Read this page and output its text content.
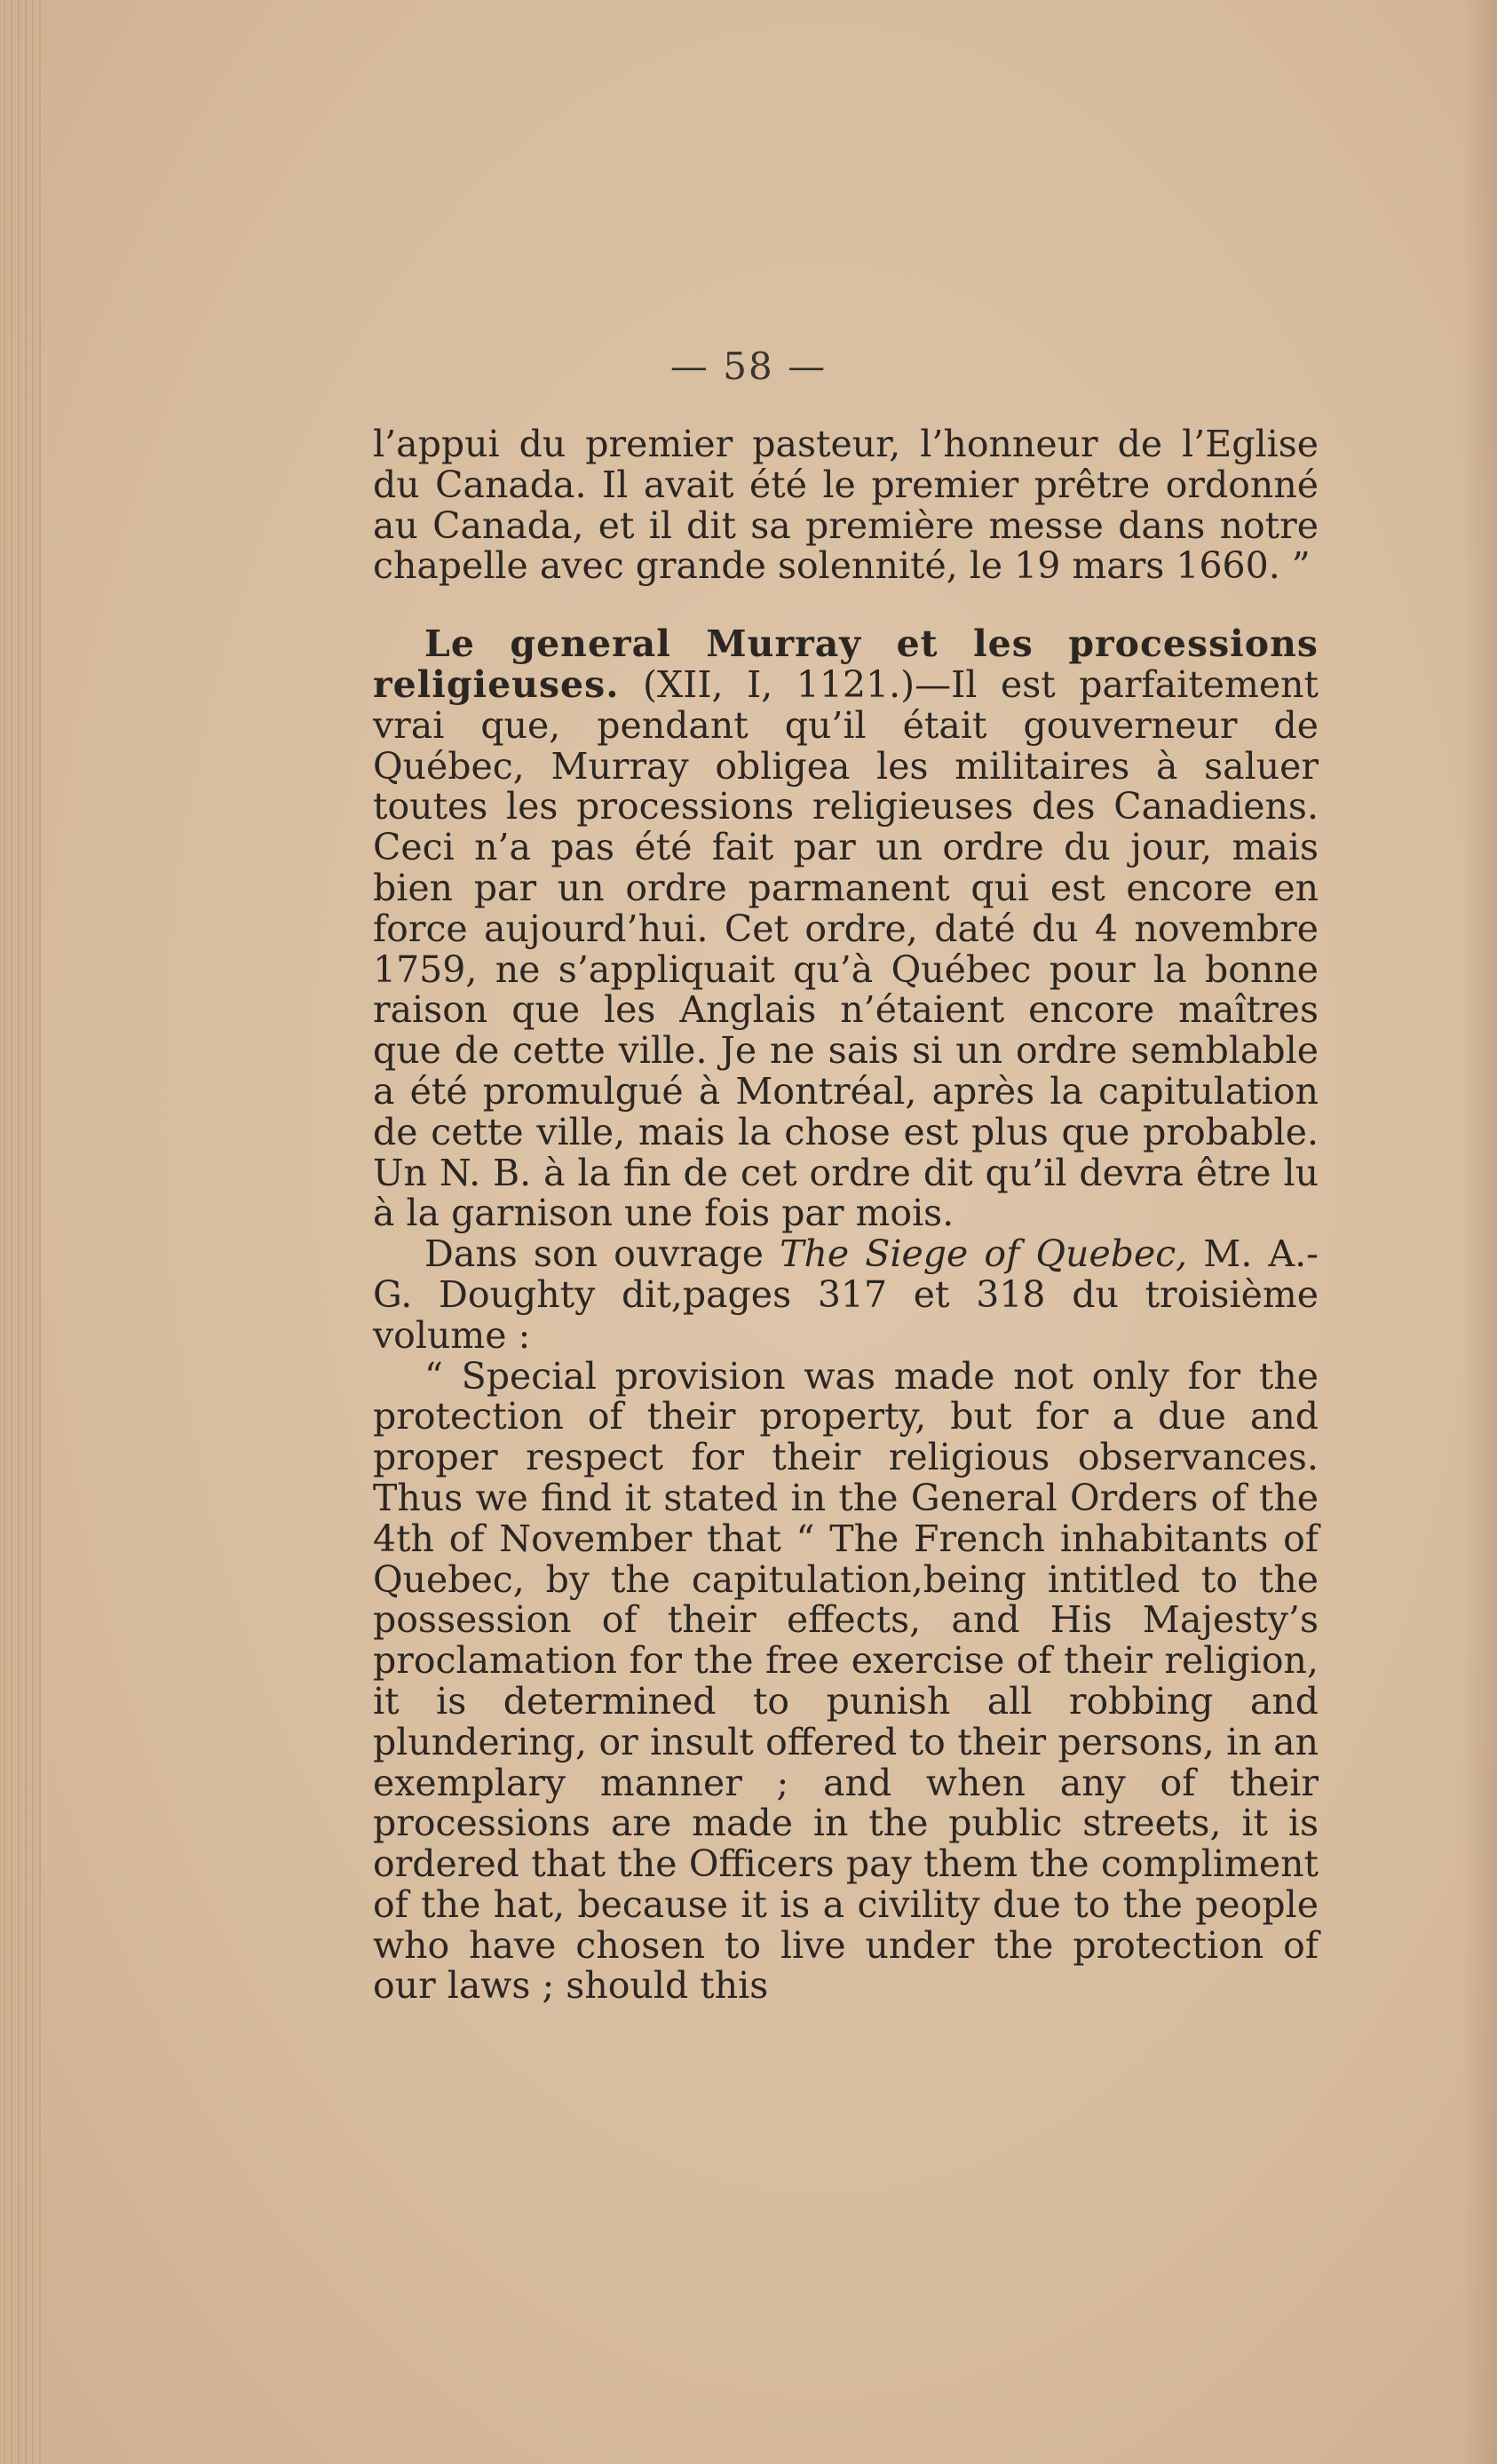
— 58 —

l’appui du premier pasteur, l’honneur de l’Eglise du Canada. Il avait été le premier prêtre ordonné au Canada, et il dit sa première messe dans notre chapelle avec grande solennité, le 19 mars 1660. ”

Le general Murray et les processions religieuses. (XII, I, 1121.)—Il est parfaitement vrai que, pendant qu’il était gouverneur de Québec, Murray obligea les militaires à saluer toutes les processions religieuses des Canadiens. Ceci n’a pas été fait par un ordre du jour, mais bien par un ordre parmanent qui est encore en force aujourd’hui. Cet ordre, daté du 4 novembre 1759, ne s’appliquait qu’à Québec pour la bonne raison que les Anglais n’étaient encore maîtres que de cette ville. Je ne sais si un ordre semblable a été promulgué à Montréal, après la capitulation de cette ville, mais la chose est plus que probable. Un N. B. à la fin de cet ordre dit qu’il devra être lu à la garnison une fois par mois.

Dans son ouvrage The Siege of Quebec, M. A.-G. Doughty dit,pages 317 et 318 du troisième volume :

“ Special provision was made not only for the protection of their property, but for a due and proper respect for their religious observances. Thus we find it stated in the General Orders of the 4th of November that “ The French inhabitants of Quebec, by the capitulation,being intitled to the possession of their effects, and His Majesty’s proclamation for the free exercise of their religion, it is determined to punish all robbing and plundering, or insult offered to their persons, in an exemplary manner ; and when any of their processions are made in the public streets, it is ordered that the Officers pay them the compliment of the hat, because it is a civility due to the people who have chosen to live under the protection of our laws ; should this
